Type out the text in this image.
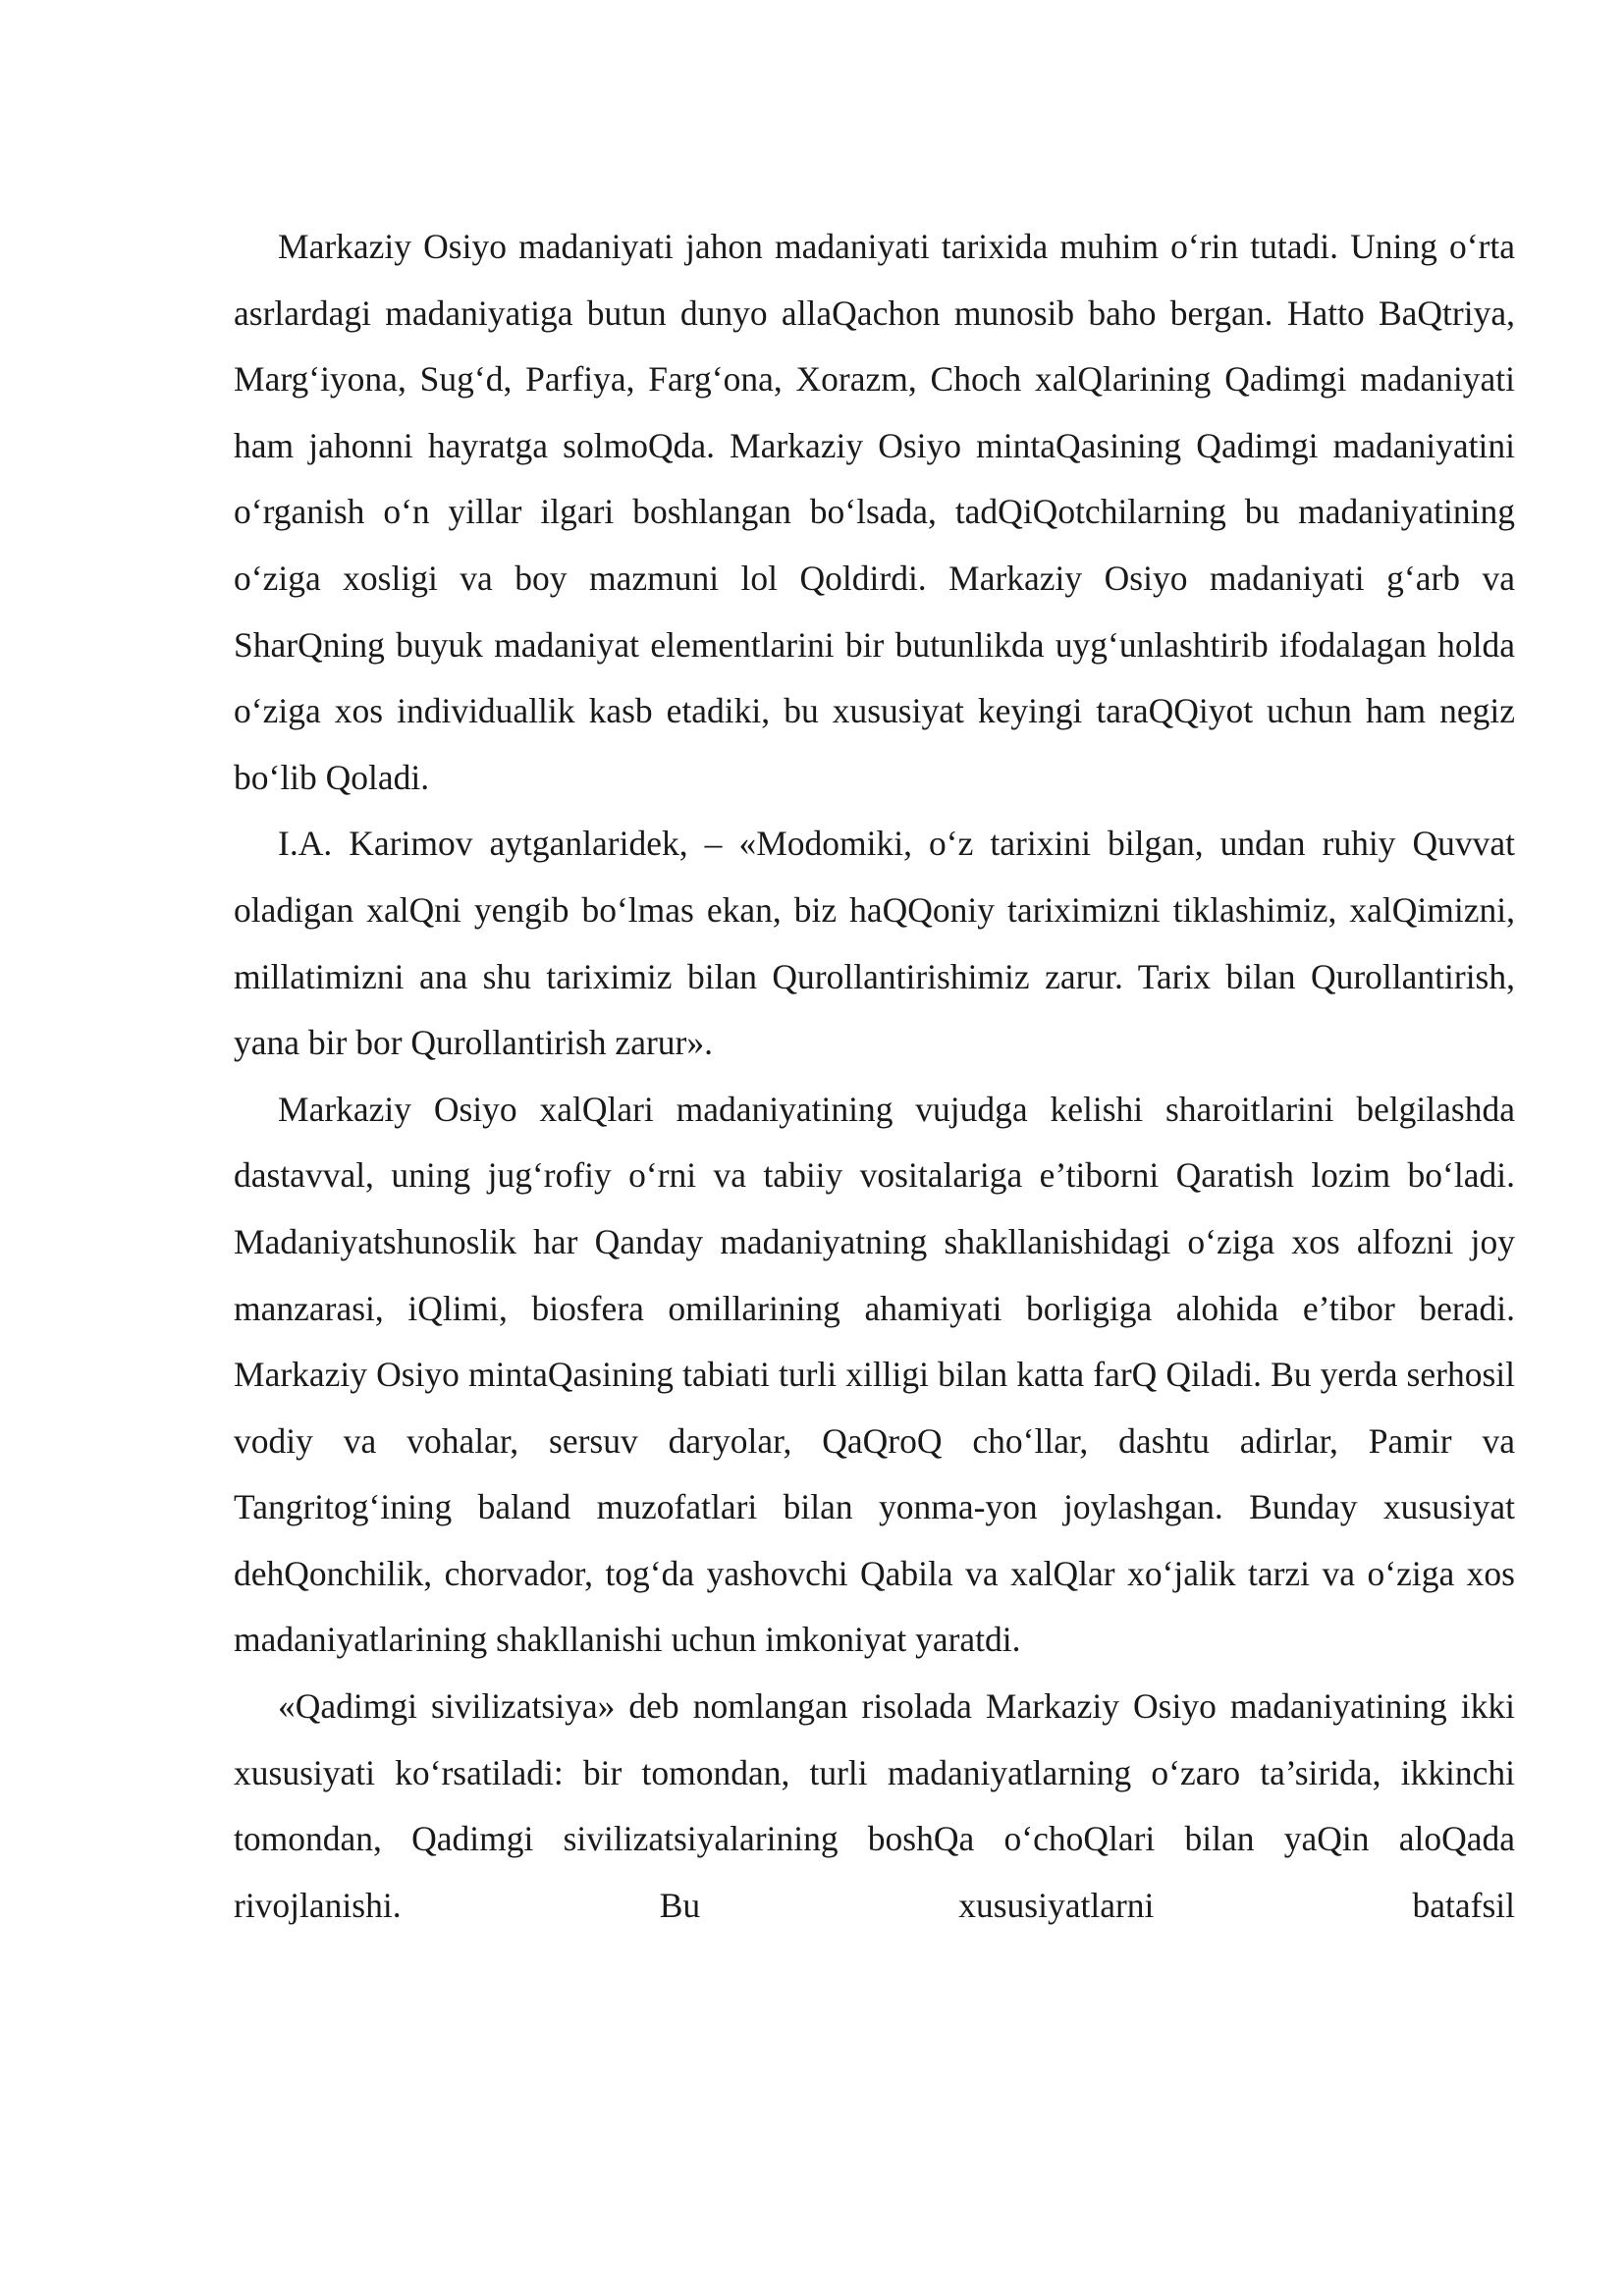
Markaziy Osiyo madaniyati jahon madaniyati tarixida muhim o‘rin tutadi. Uning o‘rta asrlardagi madaniyatiga butun dunyo allaQachon munosib baho bergan. Hatto BaQtriya, Marg‘iyona, Sug‘d, Parfiya, Farg‘ona, Xorazm, Choch xalQlarining Qadimgi madaniyati ham jahonni hayratga solmoQda. Markaziy Osiyo mintaQasining Qadimgi madaniyatini o‘rganish o‘n yillar ilgari boshlangan bo‘lsada, tadQiQotchilarning bu madaniyatining o‘ziga xosligi va boy mazmuni lol Qoldirdi. Markaziy Osiyo madaniyati g‘arb va SharQning buyuk madaniyat elementlarini bir butunlikda uyg‘unlashtirib ifodalagan holda o‘ziga xos individuallik kasb etadiki, bu xususiyat keyingi taraQQiyot uchun ham negiz bo‘lib Qoladi.

I.A. Karimov aytganlaridek, – «Modomiki, o‘z tarixini bilgan, undan ruhiy Quvvat oladigan xalQni yengib bo‘lmas ekan, biz haQQoniy tariximizni tiklashimiz, xalQimizni, millatimizni ana shu tariximiz bilan Qurollantirishimiz zarur. Tarix bilan Qurollantirish, yana bir bor Qurollantirish zarur».

Markaziy Osiyo xalQlari madaniyatining vujudga kelishi sharoitlarini belgilashda dastavval, uning jug‘rofiy o‘rni va tabiiy vositalariga e’tiborni Qaratish lozim bo‘ladi. Madaniyatshunoslik har Qanday madaniyatning shakllanishidagi o‘ziga xos alfozni joy manzarasi, iQlimi, biosfera omillarining ahamiyati borligiga alohida e’tibor beradi. Markaziy Osiyo mintaQasining tabiati turli xilligi bilan katta farQ Qiladi. Bu yerda serhosil vodiy va vohalar, sersuv daryolar, QaQroQ cho‘llar, dashtu adirlar, Pamir va Tangritog‘ining baland muzofatlari bilan yonma-yon joylashgan. Bunday xususiyat dehQonchilik, chorvador, tog‘da yashovchi Qabila va xalQlar xo‘jalik tarzi va o‘ziga xos madaniyatlarining shakllanishi uchun imkoniyat yaratdi.

«Qadimgi sivilizatsiya» deb nomlangan risolada Markaziy Osiyo madaniyatining ikki xususiyati ko‘rsatiladi: bir tomondan, turli madaniyatlarning o‘zaro ta’sirida, ikkinchi tomondan, Qadimgi sivilizatsiyalarining boshQa o‘choQlari bilan yaQin aloQada rivojlanishi. Bu xususiyatlarni batafsil
